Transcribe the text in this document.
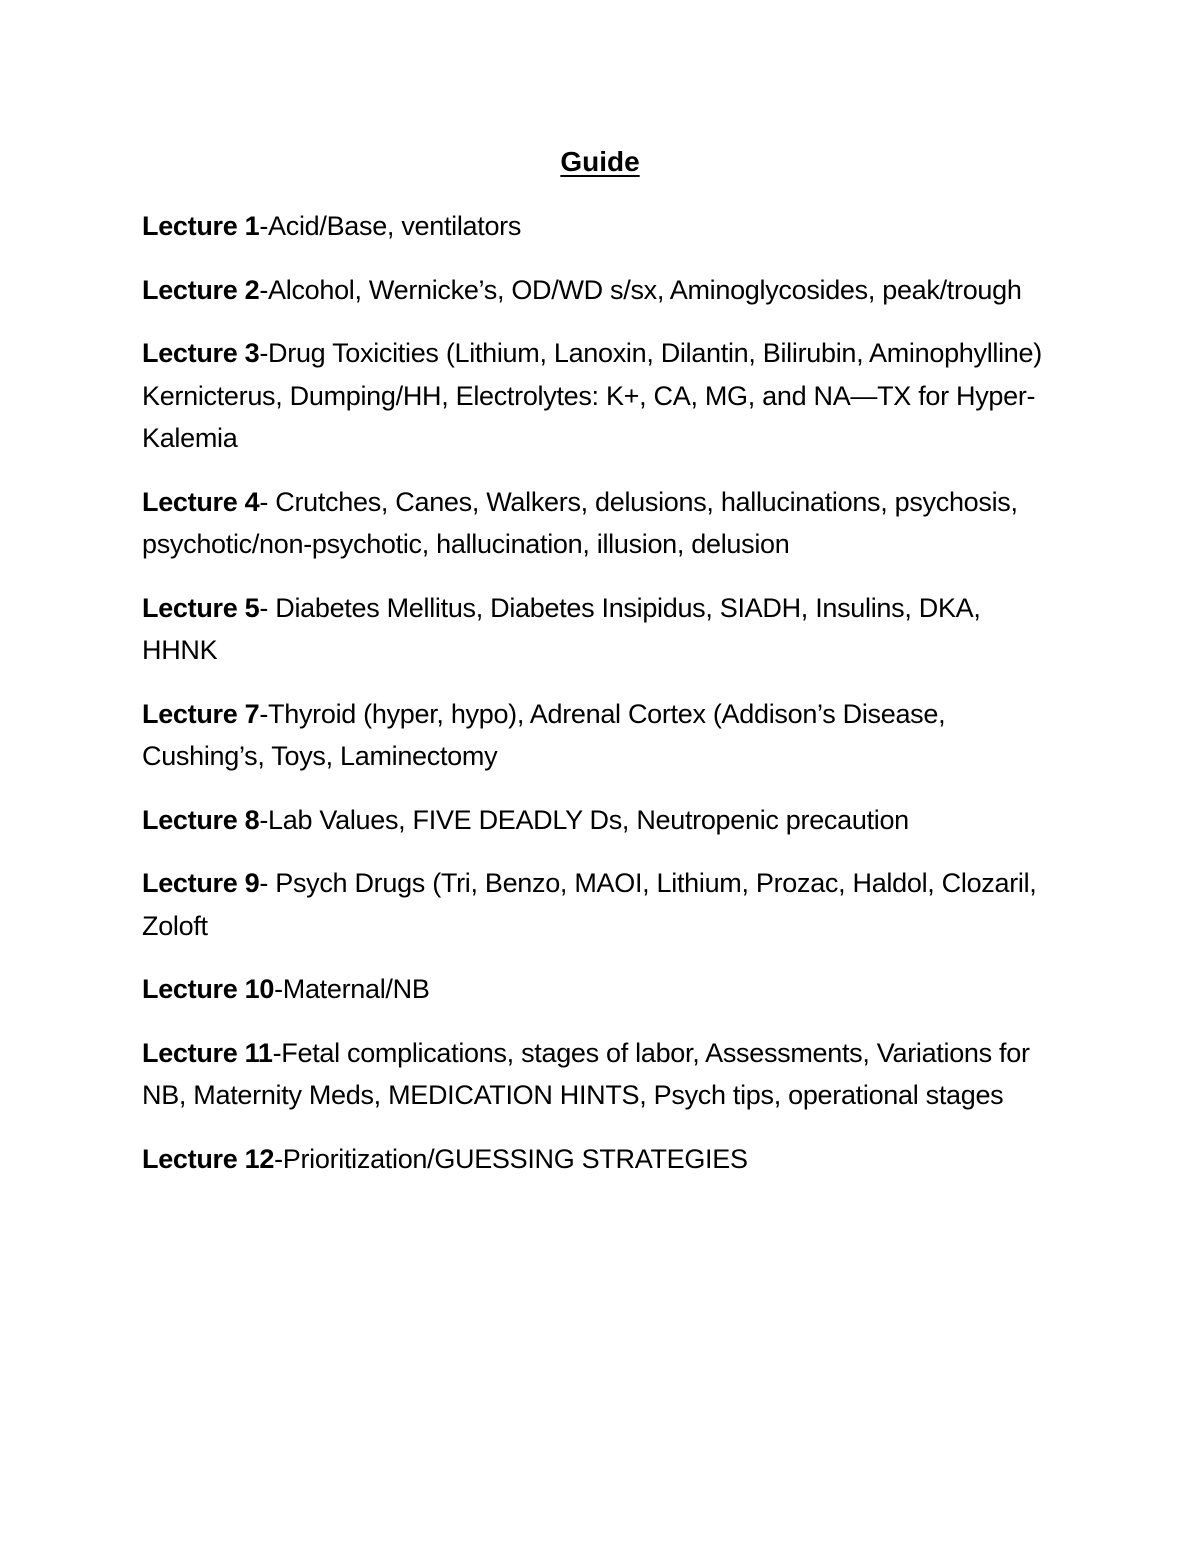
Guide

Lecture 1-Acid/Base, ventilators

Lecture 2-Alcohol, Wernicke’s, OD/WD s/sx, Aminoglycosides, peak/trough

Lecture 3-Drug Toxicities (Lithium, Lanoxin, Dilantin, Bilirubin, Aminophylline) Kernicterus, Dumping/HH, Electrolytes: K+, CA, MG, and NA—TX for Hyper-Kalemia

Lecture 4- Crutches, Canes, Walkers, delusions, hallucinations, psychosis, psychotic/non-psychotic, hallucination, illusion, delusion

Lecture 5- Diabetes Mellitus, Diabetes Insipidus, SIADH, Insulins, DKA, HHNK

Lecture 7-Thyroid (hyper, hypo), Adrenal Cortex (Addison’s Disease, Cushing’s, Toys, Laminectomy

Lecture 8-Lab Values, FIVE DEADLY Ds, Neutropenic precaution

Lecture 9- Psych Drugs (Tri, Benzo, MAOI, Lithium, Prozac, Haldol, Clozaril, Zoloft

Lecture 10-Maternal/NB

Lecture 11-Fetal complications, stages of labor, Assessments, Variations for NB, Maternity Meds, MEDICATION HINTS, Psych tips, operational stages

Lecture 12-Prioritization/GUESSING STRATEGIES
